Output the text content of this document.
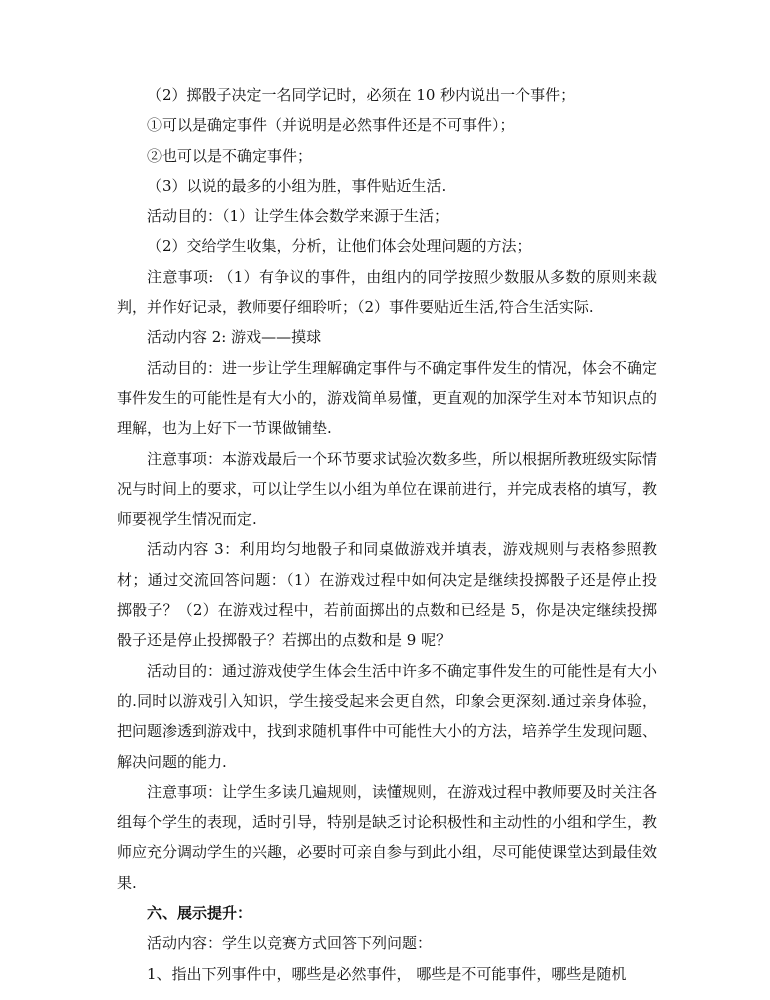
（2）掷骰子决定一名同学记时，必须在 10 秒内说出一个事件；

①可以是确定事件（并说明是必然事件还是不可事件）；

②也可以是不确定事件；

（3）以说的最多的小组为胜，事件贴近生活.

活动目的：（1）让学生体会数学来源于生活；

（2）交给学生收集，分析，让他们体会处理问题的方法；

注意事项: （1）有争议的事件，由组内的同学按照少数服从多数的原则来裁判，并作好记录，教师要仔细聆听；（2）事件要贴近生活,符合生活实际.

活动内容 2: 游戏——摸球

活动目的：进一步让学生理解确定事件与不确定事件发生的情况，体会不确定事件发生的可能性是有大小的，游戏简单易懂，更直观的加深学生对本节知识点的理解，也为上好下一节课做铺垫.

注意事项：本游戏最后一个环节要求试验次数多些，所以根据所教班级实际情况与时间上的要求，可以让学生以小组为单位在课前进行，并完成表格的填写，教师要视学生情况而定.

活动内容 3：利用均匀地骰子和同桌做游戏并填表，游戏规则与表格参照教材；通过交流回答问题：（1）在游戏过程中如何决定是继续投掷骰子还是停止投掷骰子？（2）在游戏过程中，若前面掷出的点数和已经是 5，你是决定继续投掷骰子还是停止投掷骰子？若掷出的点数和是 9 呢？

活动目的：通过游戏使学生体会生活中许多不确定事件发生的可能性是有大小的.同时以游戏引入知识，学生接受起来会更自然，印象会更深刻.通过亲身体验，把问题渗透到游戏中，找到求随机事件中可能性大小的方法，培养学生发现问题、解决问题的能力.

注意事项：让学生多读几遍规则，读懂规则，在游戏过程中教师要及时关注各组每个学生的表现，适时引导，特别是缺乏讨论积极性和主动性的小组和学生，教师应充分调动学生的兴趣，必要时可亲自参与到此小组，尽可能使课堂达到最佳效果.

六、展示提升：

活动内容：学生以竞赛方式回答下列问题：

1、指出下列事件中，哪些是必然事件， 哪些是不可能事件，哪些是随机
